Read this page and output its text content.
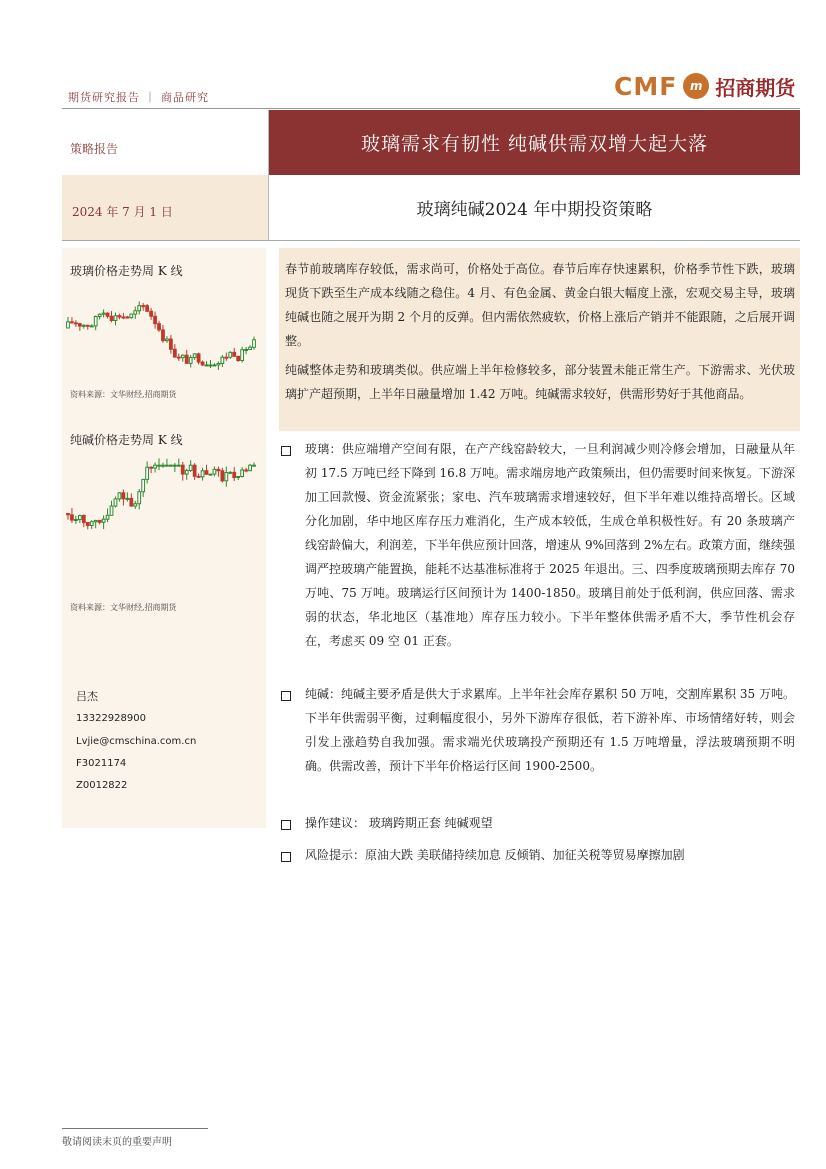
期货研究报告 ｜ 商品研究	CMF	m 招商期货
策略报告	玻璃需求有韧性 纯碱供需双增大起大落
2024 年 7 月 1 日	玻璃纯碱2024 年中期投资策略
玻璃价格走势周 K 线
资料来源：文华财经,招商期货
纯碱价格走势周 K 线
资料来源：文华财经,招商期货
吕杰
13322928900
Lvjie@cmschina.com.cn
F3021174
Z0012822
春节前玻璃库存较低，需求尚可，价格处于高位。春节后库存快速累积，价格季节性下跌，玻璃现货下跌至生产成本线随之稳住。4 月、有色金属、黄金白银大幅度上涨，宏观交易主导，玻璃纯碱也随之展开为期 2 个月的反弹。但内需依然疲软，价格上涨后产销并不能跟随，之后展开调整。
纯碱整体走势和玻璃类似。供应端上半年检修较多，部分装置未能正常生产。下游需求、光伏玻璃扩产超预期，上半年日融量增加 1.42 万吨。纯碱需求较好，供需形势好于其他商品。
玻璃：供应端增产空间有限，在产产线窑龄较大，一旦利润减少则冷修会增加，日融量从年初 17.5 万吨已经下降到 16.8 万吨。需求端房地产政策频出，但仍需要时间来恢复。下游深加工回款慢、资金流紧张；家电、汽车玻璃需求增速较好，但下半年难以维持高增长。区域分化加剧，华中地区库存压力难消化，生产成本较低，生成仓单积极性好。有 20 条玻璃产线窑龄偏大，利润差，下半年供应预计回落，增速从 9%回落到 2%左右。政策方面，继续强调严控玻璃产能置换，能耗不达基准标准将于 2025 年退出。三、四季度玻璃预期去库存 70 万吨、75 万吨。玻璃运行区间预计为 1400-1850。玻璃目前处于低利润，供应回落、需求弱的状态，华北地区（基准地）库存压力较小。下半年整体供需矛盾不大，季节性机会存在，考虑买 09 空 01 正套。
纯碱：纯碱主要矛盾是供大于求累库。上半年社会库存累积 50 万吨，交割库累积 35 万吨。下半年供需弱平衡，过剩幅度很小，另外下游库存很低，若下游补库、市场情绪好转，则会引发上涨趋势自我加强。需求端光伏玻璃投产预期还有 1.5 万吨增量，浮法玻璃预期不明确。供需改善，预计下半年价格运行区间 1900-2500。
操作建议： 玻璃跨期正套 纯碱观望
风险提示：原油大跌 美联储持续加息 反倾销、加征关税等贸易摩擦加剧
敬请阅读末页的重要声明
